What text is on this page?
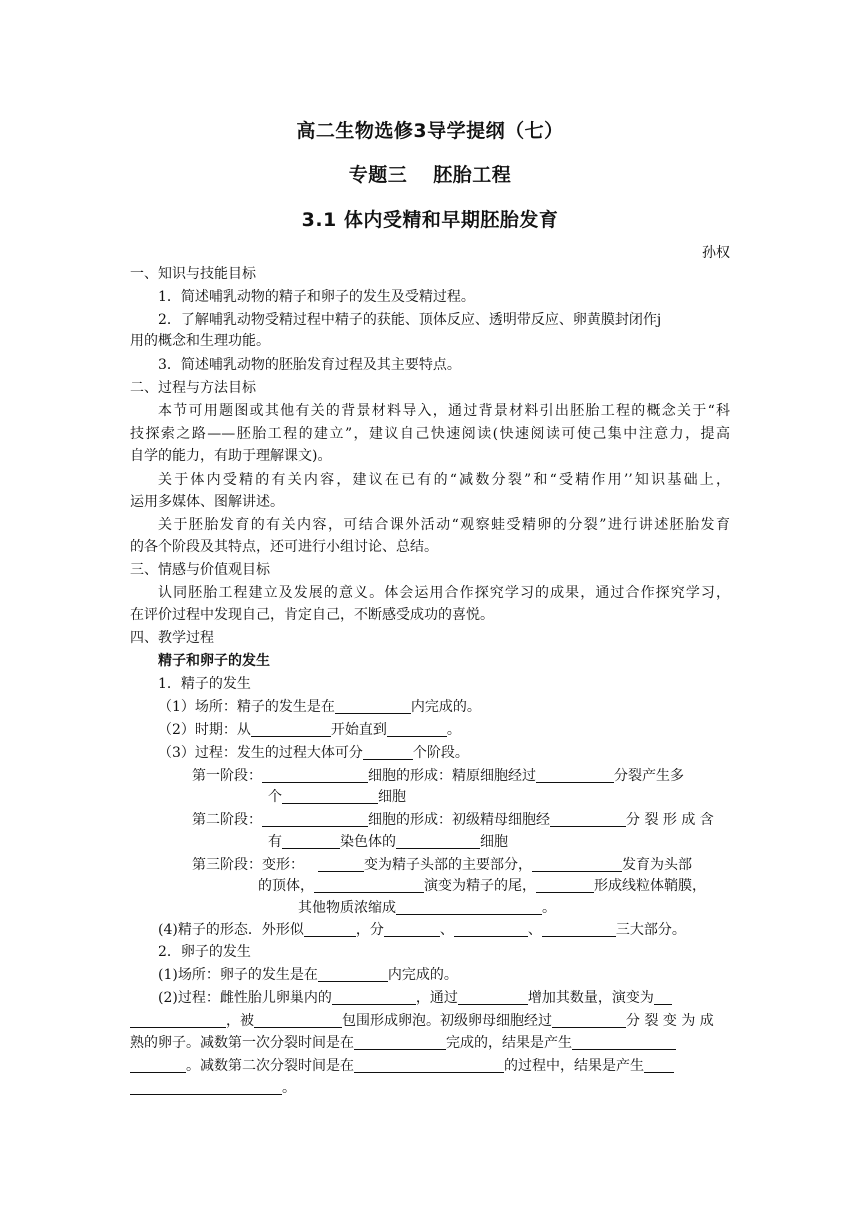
高二生物选修3导学提纲（七）
专题三 胚胎工程
3.1 体内受精和早期胚胎发育
孙权
一、知识与技能目标
1．简述哺乳动物的精子和卵子的发生及受精过程。
2．了解哺乳动物受精过程中精子的获能、顶体反应、透明带反应、卵黄膜封闭作j
用的概念和生理功能。
3．简述哺乳动物的胚胎发育过程及其主要特点。
二、过程与方法目标
本节可用题图或其他有关的背景材料导入，通过背景材料引出胚胎工程的概念关于“科
技探索之路——胚胎工程的建立”，建议自己快速阅读(快速阅读可使己集中注意力，提高
自学的能力，有助于理解课文)。
关于体内受精的有关内容，建议在已有的“减数分裂”和“受精作用’’知识基础上，
运用多媒体、图解讲述。
关于胚胎发育的有关内容，可结合课外活动“观察蛙受精卵的分裂”进行讲述胚胎发育
的各个阶段及其特点，还可进行小组讨论、总结。
三、情感与价值观目标
认同胚胎工程建立及发展的意义。体会运用合作探究学习的成果，通过合作探究学习，
在评价过程中发现自己，肯定自己，不断感受成功的喜悦。
四、教学过程
精子和卵子的发生
1．精子的发生
（1）场所：精子的发生是在	内完成的。
（2）时期：从	开始直到	。
（3）过程：发生的过程大体可分	个阶段。
第一阶段：	细胞的形成：精原细胞经过	分裂产生多
个	细胞
第二阶段：	细胞的形成：初级精母细胞经	分 裂 形 成 含
有	染色体的	细胞
第三阶段：变形：	变为精子头部的主要部分，	发育为头部
的顶体，	演变为精子的尾，	形成线粒体鞘膜，
其他物质浓缩成	。
(4)精子的形态．外形似	，分	、	、	三大部分。
2．卵子的发生
(1)场所：卵子的发生是在	内完成的。
(2)过程：雌性胎儿卵巢内的	，通过	增加其数量，演变为
，被	包围形成卵泡。初级卵母细胞经过	分 裂 变 为 成
熟的卵子。减数第一次分裂时间是在	完成的，结果是产生
。减数第二次分裂时间是在	的过程中，结果是产生
。
